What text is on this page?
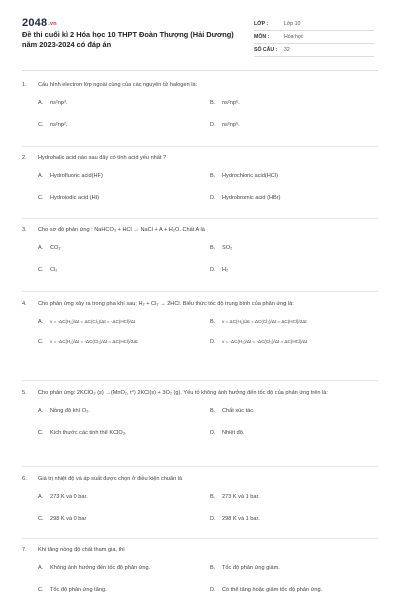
2048.vn
Đề thi cuối kì 2 Hóa học 10 THPT Đoàn Thượng (Hải Dương) năm 2023-2024 có đáp án
LỚP :	Lớp 10
MÔN :	Hóa học
SỐ CÂU :	32
1.	Cấu hình electron lớp ngoài cùng của các nguyên tử halogen là:
A.	ns²np³.	B.	ns²np⁶.
C.	ns²np².	D.	ns²np⁵.
2.	Hydrohalic acid nào sau đây có tính acid yếu nhất ?
A.	Hydrofluoric acid(HF)	B.	Hydrochloric acid(HCl)
C.	Hydroiodic acid (HI)	D.	Hydrobromic acid (HBr)
3.	Cho sơ đồ phản ứng : NaHCO₃ + HCl → NaCl + A + H₂O. Chất A là
A.	CO₂	B.	SO₂
C.	Cl₂	D.	H₂
4.	Cho phản ứng xảy ra trong pha khí sau: H₂ + Cl₂ → 2HCl. Biểu thức tốc độ trung bình của phản ứng là:
A.	v = -ΔC(H₂)/Δt = ΔC(Cl₂)/Δt = -ΔC(HCl)/Δt	B.	v = ΔC(H₂)/Δt = ΔC(Cl₂)/Δt = ΔC(HCl)/2Δt
C.	v = -ΔC(H₂)/Δt = -ΔC(Cl₂)/Δt = ΔC(HCl)/2Δt	D.	v = -ΔC(H₂)/Δt = -ΔC(Cl₂)/Δt = ΔC(HCl)/Δt
5.	Cho phản ứng: 2KClO₃ (s) →(MnO₂, t°) 2KCl(s) + 3O₂ (g). Yếu tố không ảnh hưởng đến tốc độ của phản ứng trên là:
A.	Nồng độ khí O₂.	B.	Chất xúc tác.
C.	Kích thước các tinh thể KClO₃.	D.	Nhiệt độ.
6.	Giá trị nhiệt độ và áp suất được chọn ở điều kiện chuẩn là
A.	273 K và 0 bar.	B.	273 K và 1 bar.
C.	298 K và 0 bar	D.	298 K và 1 bar.
7.	Khi tăng nồng độ chất tham gia, thì
A.	Không ảnh hưởng đến tốc độ phản ứng.	B.	Tốc độ phản ứng giảm.
C.	Tốc độ phản ứng tăng.	D.	Có thể tăng hoặc giảm tốc độ phản ứng.
